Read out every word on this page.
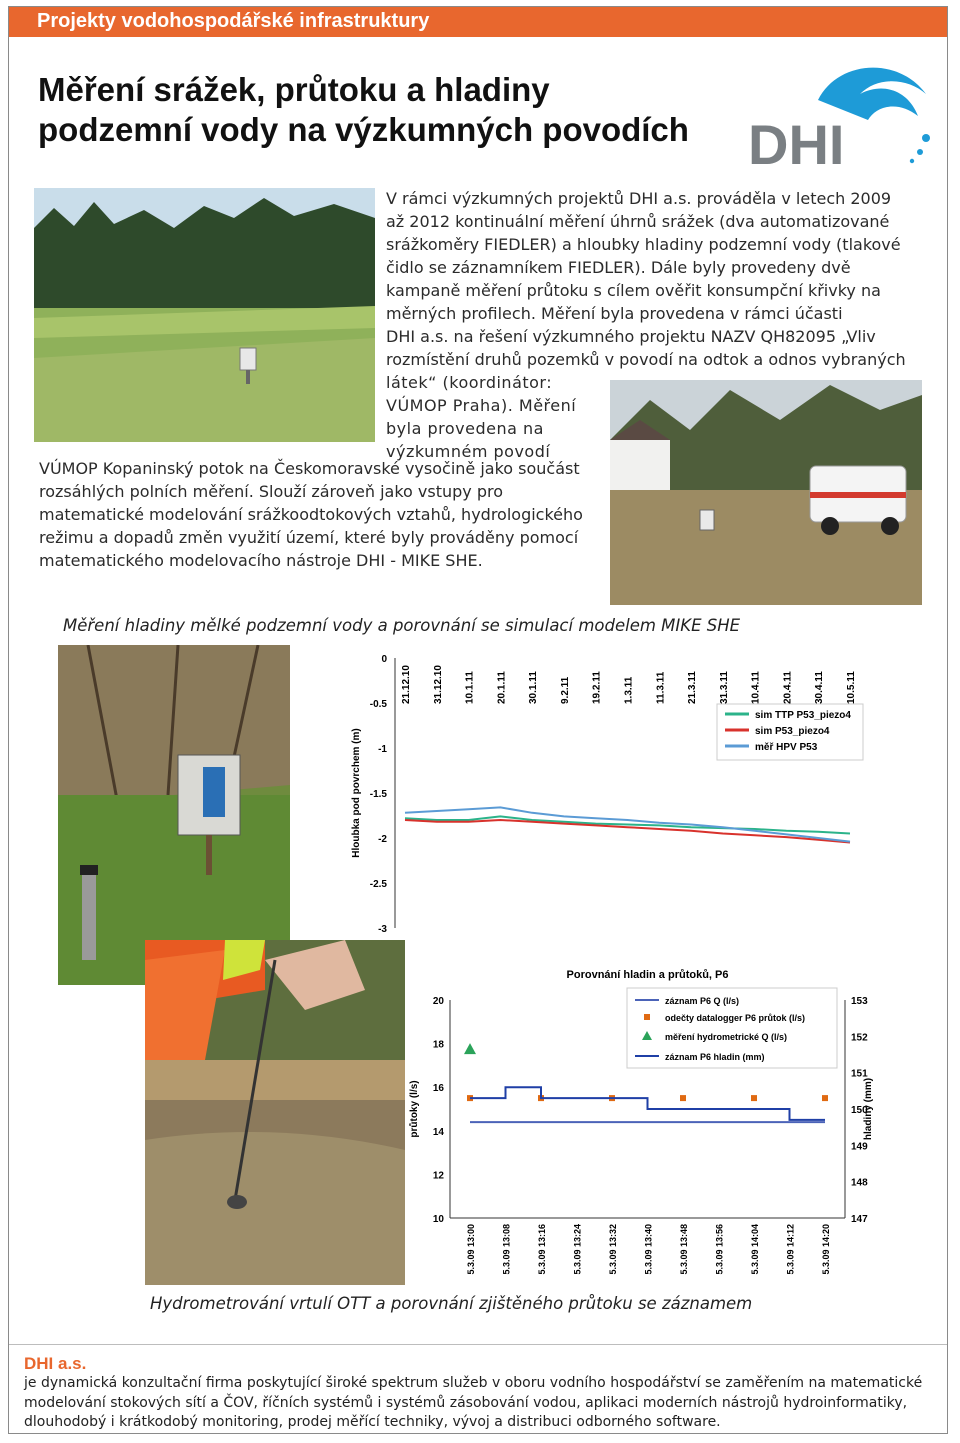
Projekty vodohospodářské infrastruktury
Měření srážek, průtoku a hladiny
podzemní vody na výzkumných povodích	DHI
V rámci výzkumných projektů DHI a.s. prováděla v letech 2009
až 2012 kontinuální měření úhrnů srážek (dva automatizované
srážkoměry FIEDLER) a hloubky hladiny podzemní vody (tlakové
čidlo se záznamníkem FIEDLER). Dále byly provedeny dvě
kampaně měření průtoku s cílem ověřit konsumpční křivky na
měrných profilech. Měření byla provedena v rámci účasti
DHI a.s. na řešení výzkumného projektu NAZV QH82095 „Vliv
rozmístění druhů pozemků v povodí na odtok a odnos vybraných
látek“ (koordinátor:
VÚMOP Praha). Měření
byla provedena na
výzkumném povodí
VÚMOP Kopaninský potok na Českomoravské vysočině jako součást
rozsáhlých polních měření. Slouží zároveň jako vstupy pro
matematické modelování srážkoodtokových vztahů, hydrologického
režimu a dopadů změn využití území, které byly prováděny pomocí
matematického modelovacího nástroje DHI - MIKE SHE.
Měření hladiny mělké podzemní vody a porovnání se simulací modelem MIKE SHE
0
-0.5
-1
-1.5
-2
-2.5
-3
Hloubka pod povrchem (m)
21.12.10 31.12.10 10.1.11 20.1.11 30.1.11 9.2.11 19.2.11 1.3.11 11.3.11 21.3.11 31.3.11 10.4.11 20.4.11 30.4.11 10.5.11
sim TTP P53_piezo4
sim P53_piezo4
měř HPV P53
Porovnání hladin a průtoků, P6
20
18
16
14
12
10
153
152
151
150
149
148
147
průtoky (l/s)	hladiny (mm)
5.3.09 13:00	5.3.09 13:08	5.3.09 13:16	5.3.09 13:24	5.3.09 13:32	5.3.09 13:40	5.3.09 13:48	5.3.09 13:56	5.3.09 14:04	5.3.09 14:12	5.3.09 14:20
záznam P6 Q (l/s)
odečty datalogger P6 průtok (l/s)
měření hydrometrické Q (l/s)
záznam P6 hladin (mm)
Hydrometrování vrtulí OTT a porovnání zjištěného průtoku se záznamem
DHI a.s.
je dynamická konzultační firma poskytující široké spektrum služeb v oboru vodního hospodářství se zaměřením na matematické
modelování stokových sítí a ČOV, říčních systémů i systémů zásobování vodou, aplikaci moderních nástrojů hydroinformatiky,
dlouhodobý i krátkodobý monitoring, prodej měřící techniky, vývoj a distribuci odborného software.
